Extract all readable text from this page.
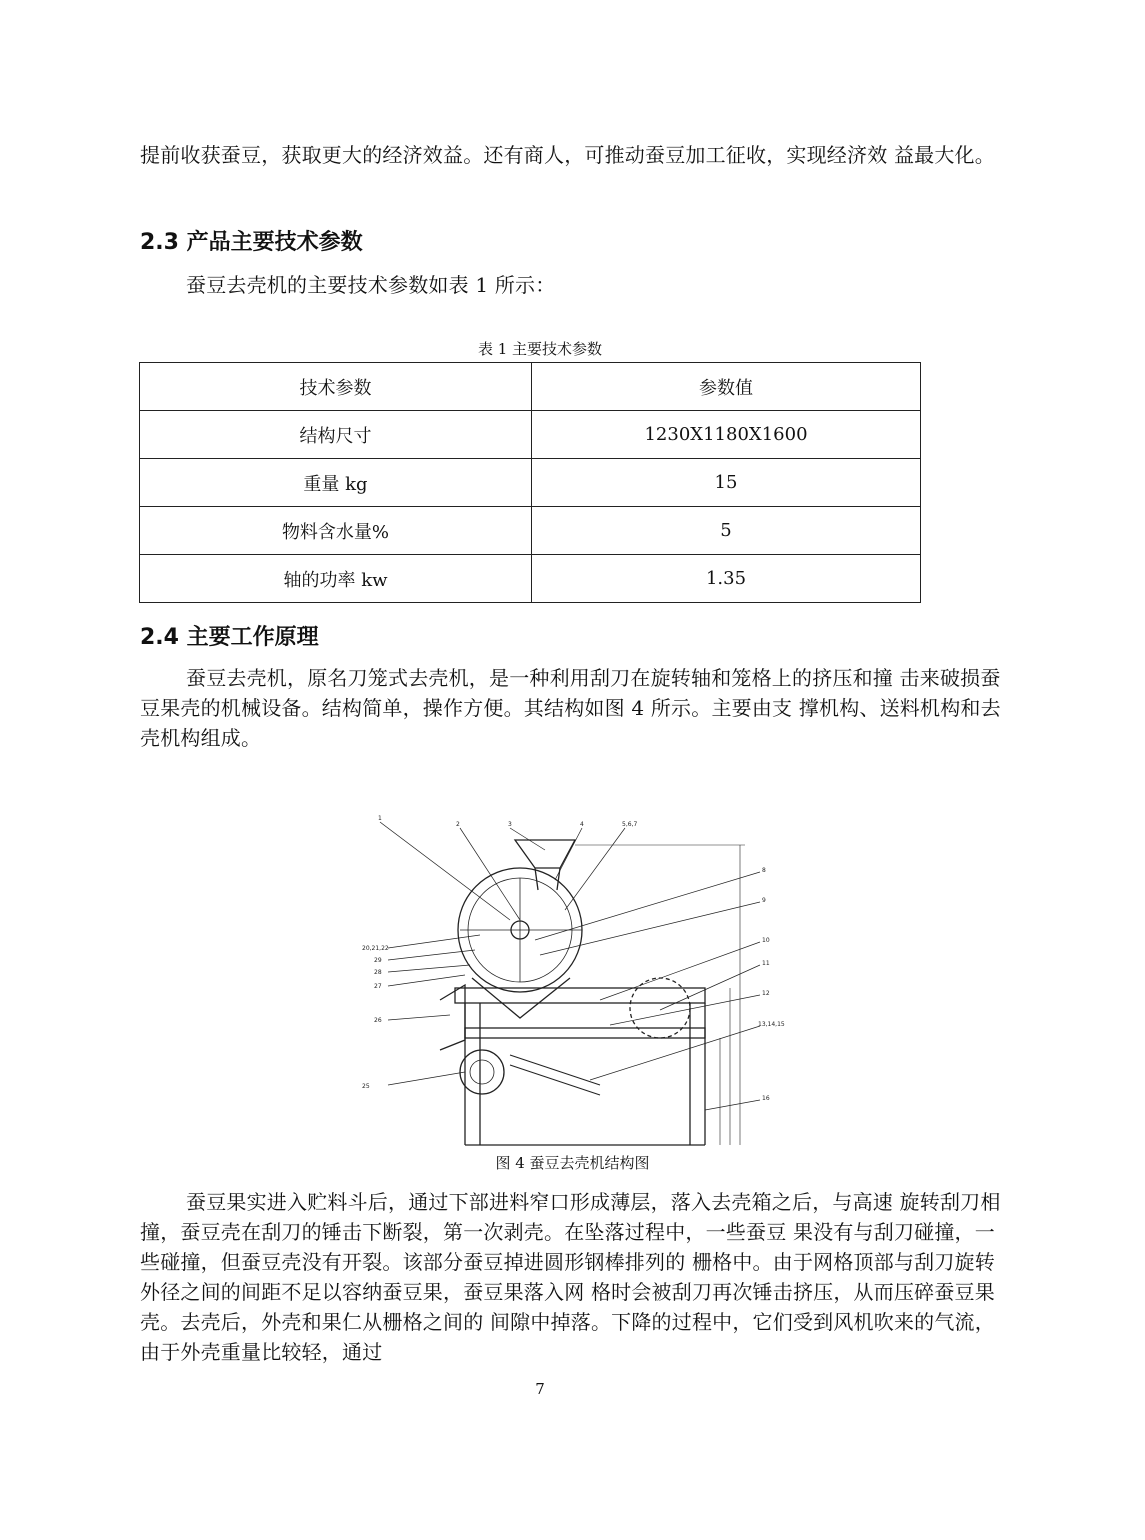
提前收获蚕豆，获取更大的经济效益。还有商人，可推动蚕豆加工征收，实现经济效 益最大化。

2.3 产品主要技术参数

蚕豆去壳机的主要技术参数如表 1 所示：

表 1 主要技术参数
技术参数	参数值
结构尺寸	1230X1180X1600
重量 kg	15
物料含水量%	5
轴的功率 kw	1.35
2.4 主要工作原理

蚕豆去壳机，原名刀笼式去壳机，是一种利用刮刀在旋转轴和笼格上的挤压和撞 击来破损蚕豆果壳的机械设备。结构简单，操作方便。其结构如图 4 所示。主要由支 撑机构、送料机构和去壳机构组成。

1
2	3	4	5,6,7
8
9
10
11
12
13,14,15
16
20,21,22
25
26
27
28
29
图 4 蚕豆去壳机结构图

蚕豆果实进入贮料斗后，通过下部进料窄口形成薄层，落入去壳箱之后，与高速 旋转刮刀相撞，蚕豆壳在刮刀的锤击下断裂，第一次剥壳。在坠落过程中，一些蚕豆 果没有与刮刀碰撞，一些碰撞，但蚕豆壳没有开裂。该部分蚕豆掉进圆形钢棒排列的 栅格中。由于网格顶部与刮刀旋转外径之间的间距不足以容纳蚕豆果，蚕豆果落入网 格时会被刮刀再次锤击挤压，从而压碎蚕豆果壳。去壳后，外壳和果仁从栅格之间的 间隙中掉落。下降的过程中，它们受到风机吹来的气流，由于外壳重量比较轻，通过

7
